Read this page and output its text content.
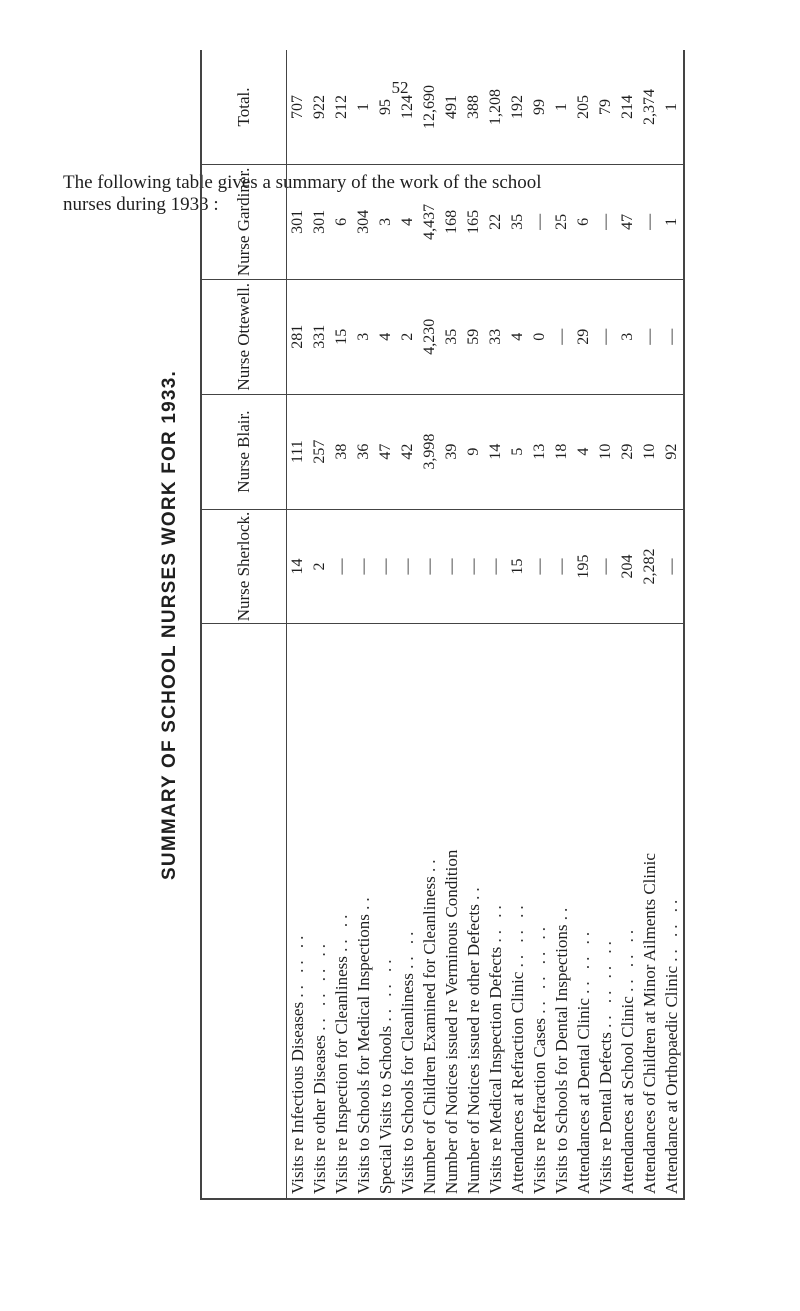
52
The following table gives a summary of the work of the school

nurses during 1933 :
SUMMARY OF SCHOOL NURSES WORK FOR 1933.
		Nurse Sherlock.	Nurse Blair.	Nurse Ottewell.	Nurse Gardiner.	Total.
Visits re Infectious Diseases .. .. ..	14	111	281	301	707
Visits re other Diseases .. .. .. ..	2	257	331	301	922
Visits re Inspection for Cleanliness .. ..	—	38	15	6	212
Visits to Schools for Medical Inspections ..	—	36	3	304	1
Special Visits to Schools .. .. ..	—	47	4	3	95
Visits to Schools for Cleanliness .. ..	—	42	2	4	124
Number of Children Examined for Cleanliness ..	—	3,998	4,230	4,437	12,690
Number of Notices issued re Verminous Condition	—	39	35	168	491
Number of Notices issued re other Defects ..	—	9	59	165	388
Visits re Medical Inspection Defects .. ..	—	14	33	22	1,208
Attendances at Refraction Clinic .. .. ..	15	5	4	35	192
Visits re Refraction Cases .. .. .. ..	—	13	0	—	99
Visits to Schools for Dental Inspections ..	—	18	—	25	1
Attendances at Dental Clinic .. .. ..	195	4	29	6	205
Visits re Dental Defects .. .. .. ..	—	10	—	—	79
Attendances at School Clinic .. .. ..	204	29	3	47	214
Attendances of Children at Minor Ailments Clinic	2,282	10	—	—	2,374
Attendance at Orthopaedic Clinic .. .. ..	—	92	—	1	1
